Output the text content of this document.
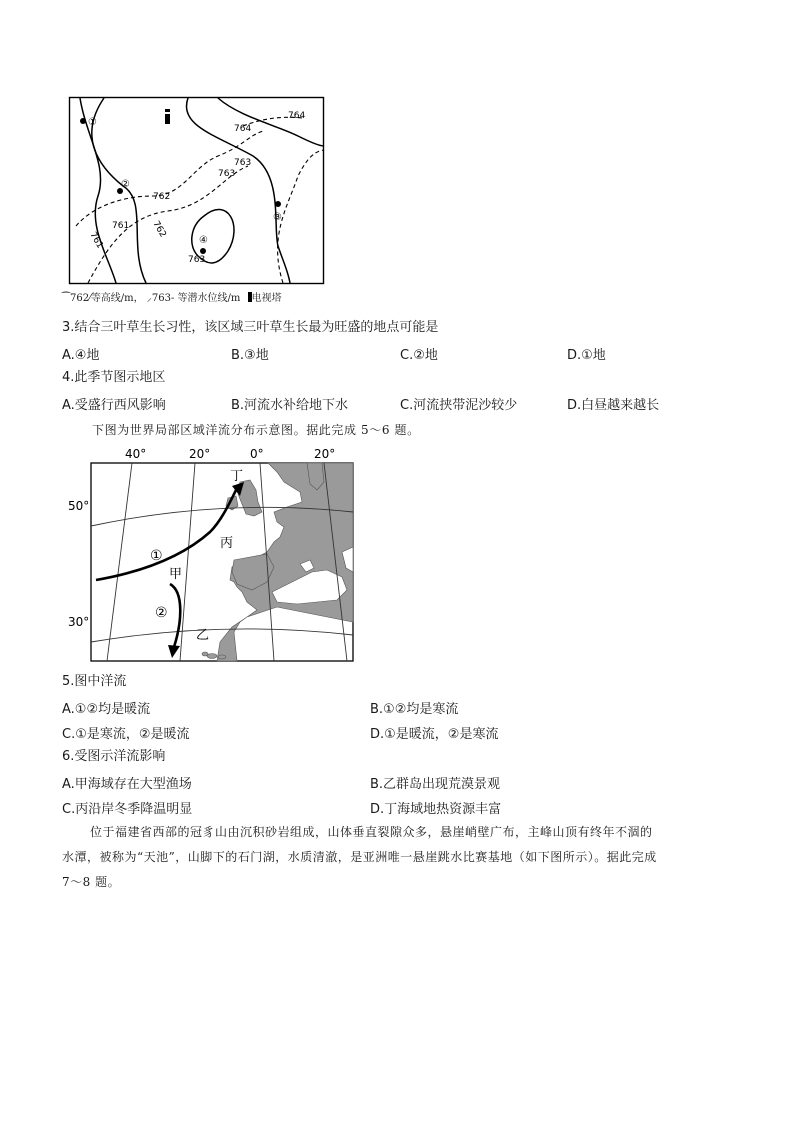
①
②
③
④
764
764
763
763
762
762
761
761
763
⁀762⁄等高线/m， ⸝763- 等潜水位线/m 电视塔
3.结合三叶草生长习性，该区域三叶草生长最为旺盛的地点可能是
A.④地	B.③地	C.②地	D.①地
4.此季节图示地区
A.受盛行西风影响	B.河流水补给地下水	C.河流挟带泥沙较少	D.白昼越来越长
下图为世界局部区域洋流分布示意图。据此完成 5～6 题。
40°	20°	0°	20°
50°
30°
丁
丙
甲
乙
①
②
5.图中洋流
A.①②均是暖流	B.①②均是寒流
C.①是寒流，②是暖流	D.①是暖流，②是寒流
6.受图示洋流影响
A.甲海域存在大型渔场	B.乙群岛出现荒漠景观
C.丙沿岸冬季降温明显	D.丁海域地热资源丰富
位于福建省西部的冠豸山由沉积砂岩组成，山体垂直裂隙众多，悬崖峭壁广布，主峰山顶有终年不涸的
水潭，被称为“天池”，山脚下的石门湖，水质清澈，是亚洲唯一悬崖跳水比赛基地（如下图所示）。据此完成
7～8 题。
